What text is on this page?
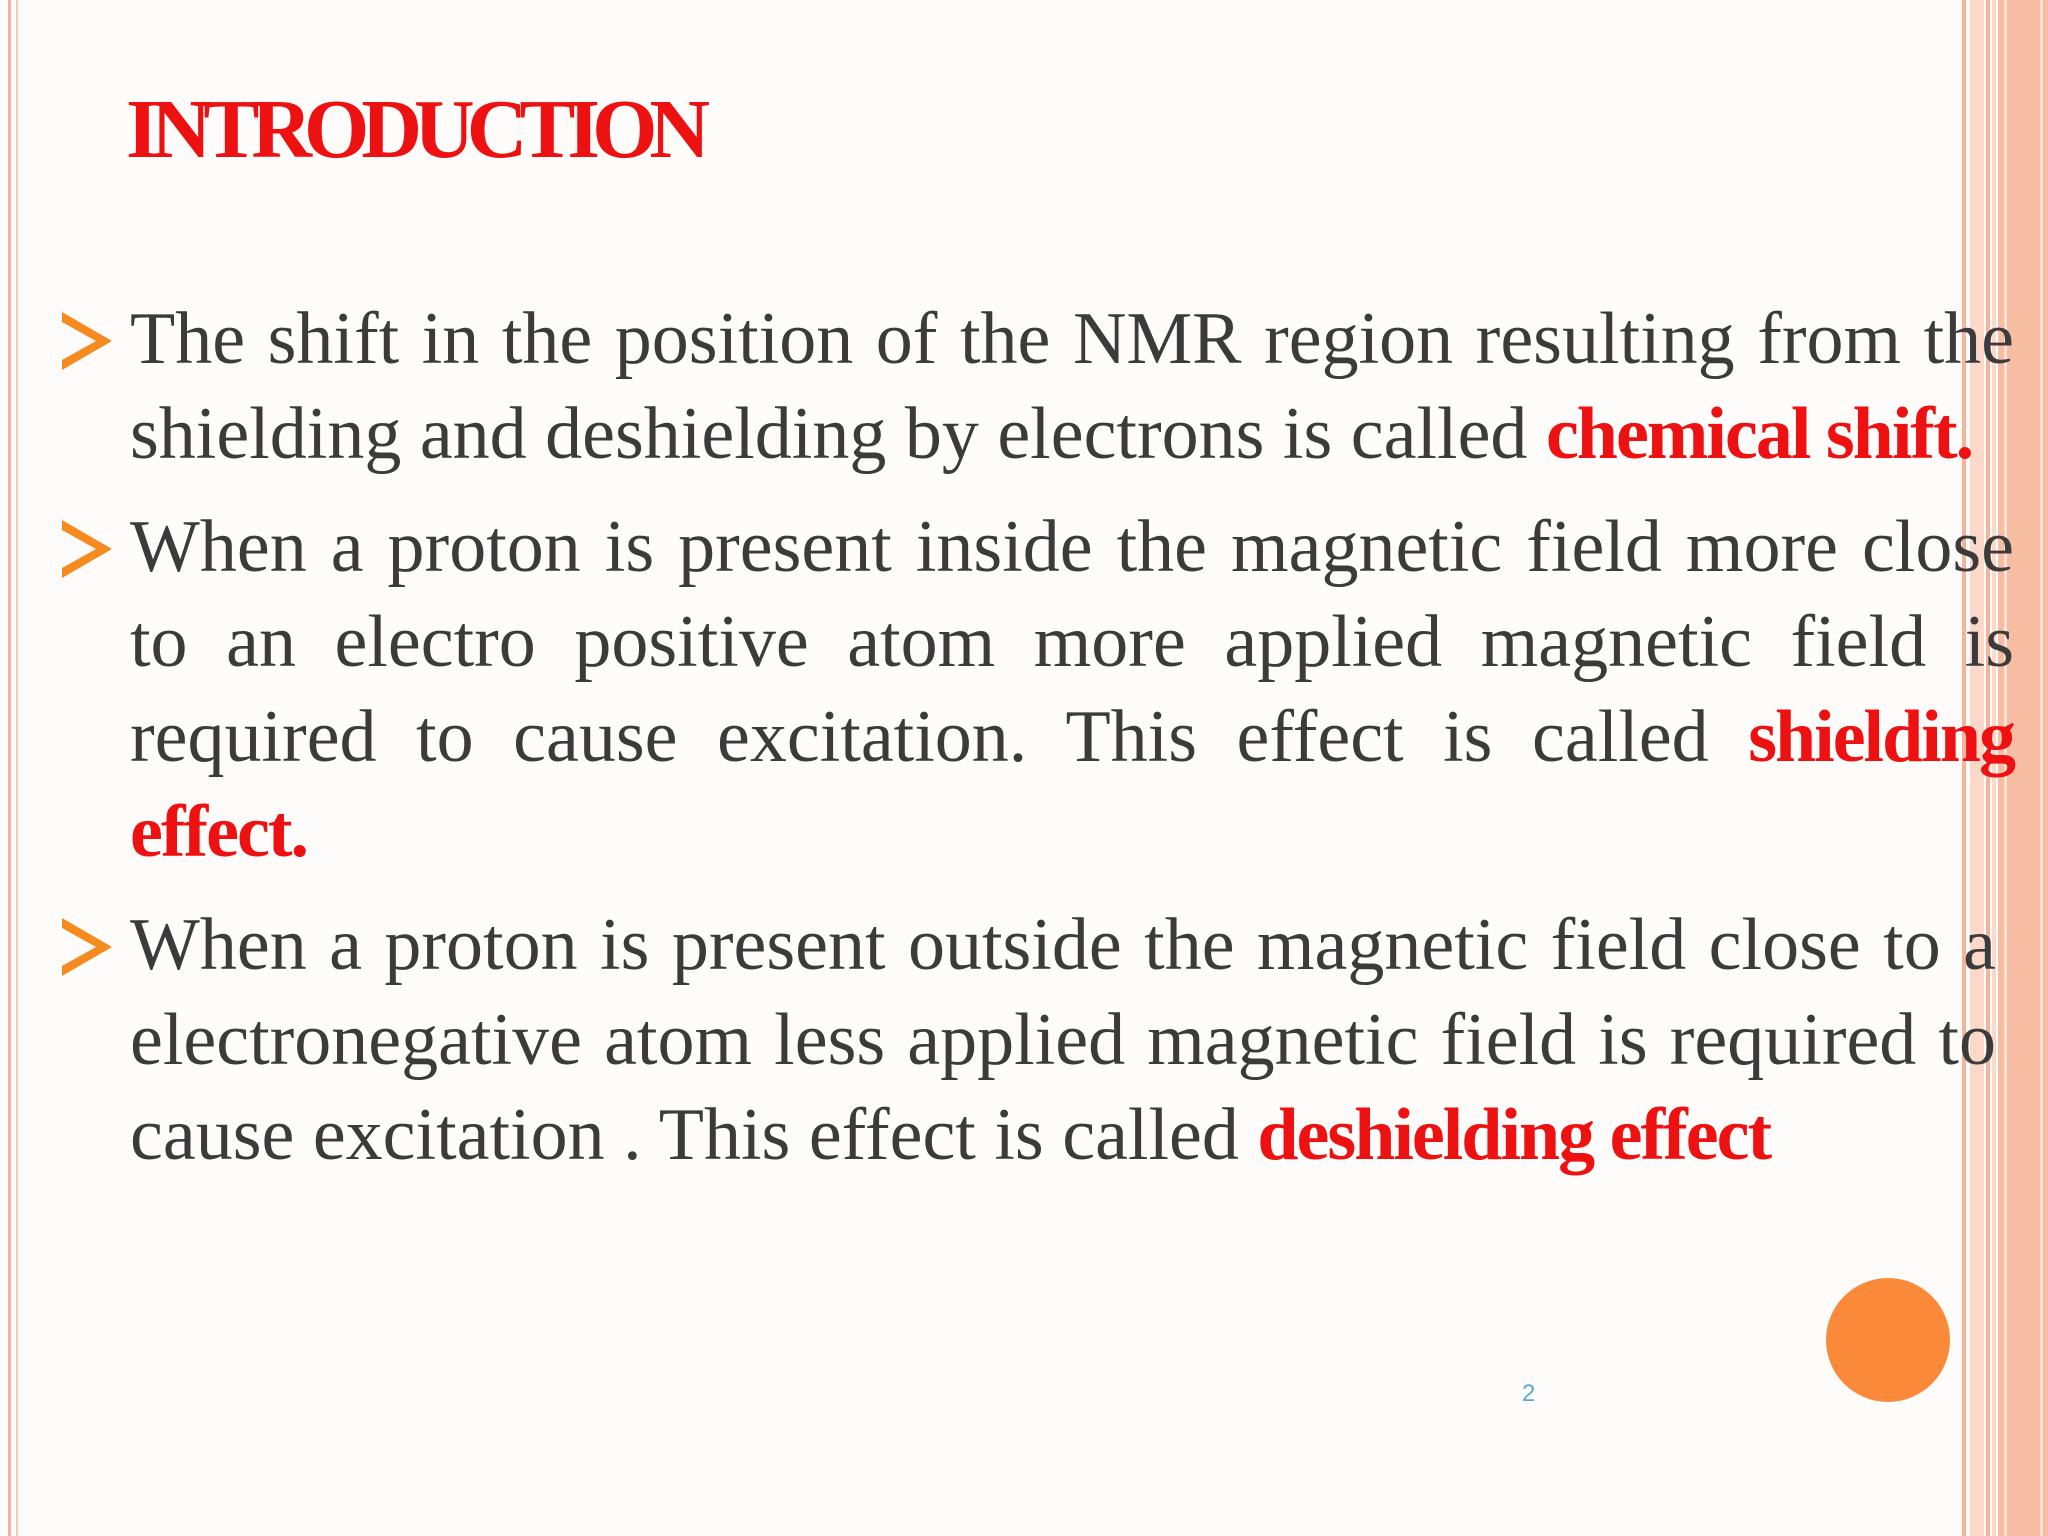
INTRODUCTION
The shift in the position of the NMR region resulting from the shielding and deshielding by electrons is called chemical shift.
When a proton is present inside the magnetic field more close to an electro positive atom more applied magnetic field is required to cause excitation. This effect is called shielding effect.
When a proton is present outside the magnetic field close to a electronegative atom less applied magnetic field is required to cause excitation . This effect is called deshielding effect
2
